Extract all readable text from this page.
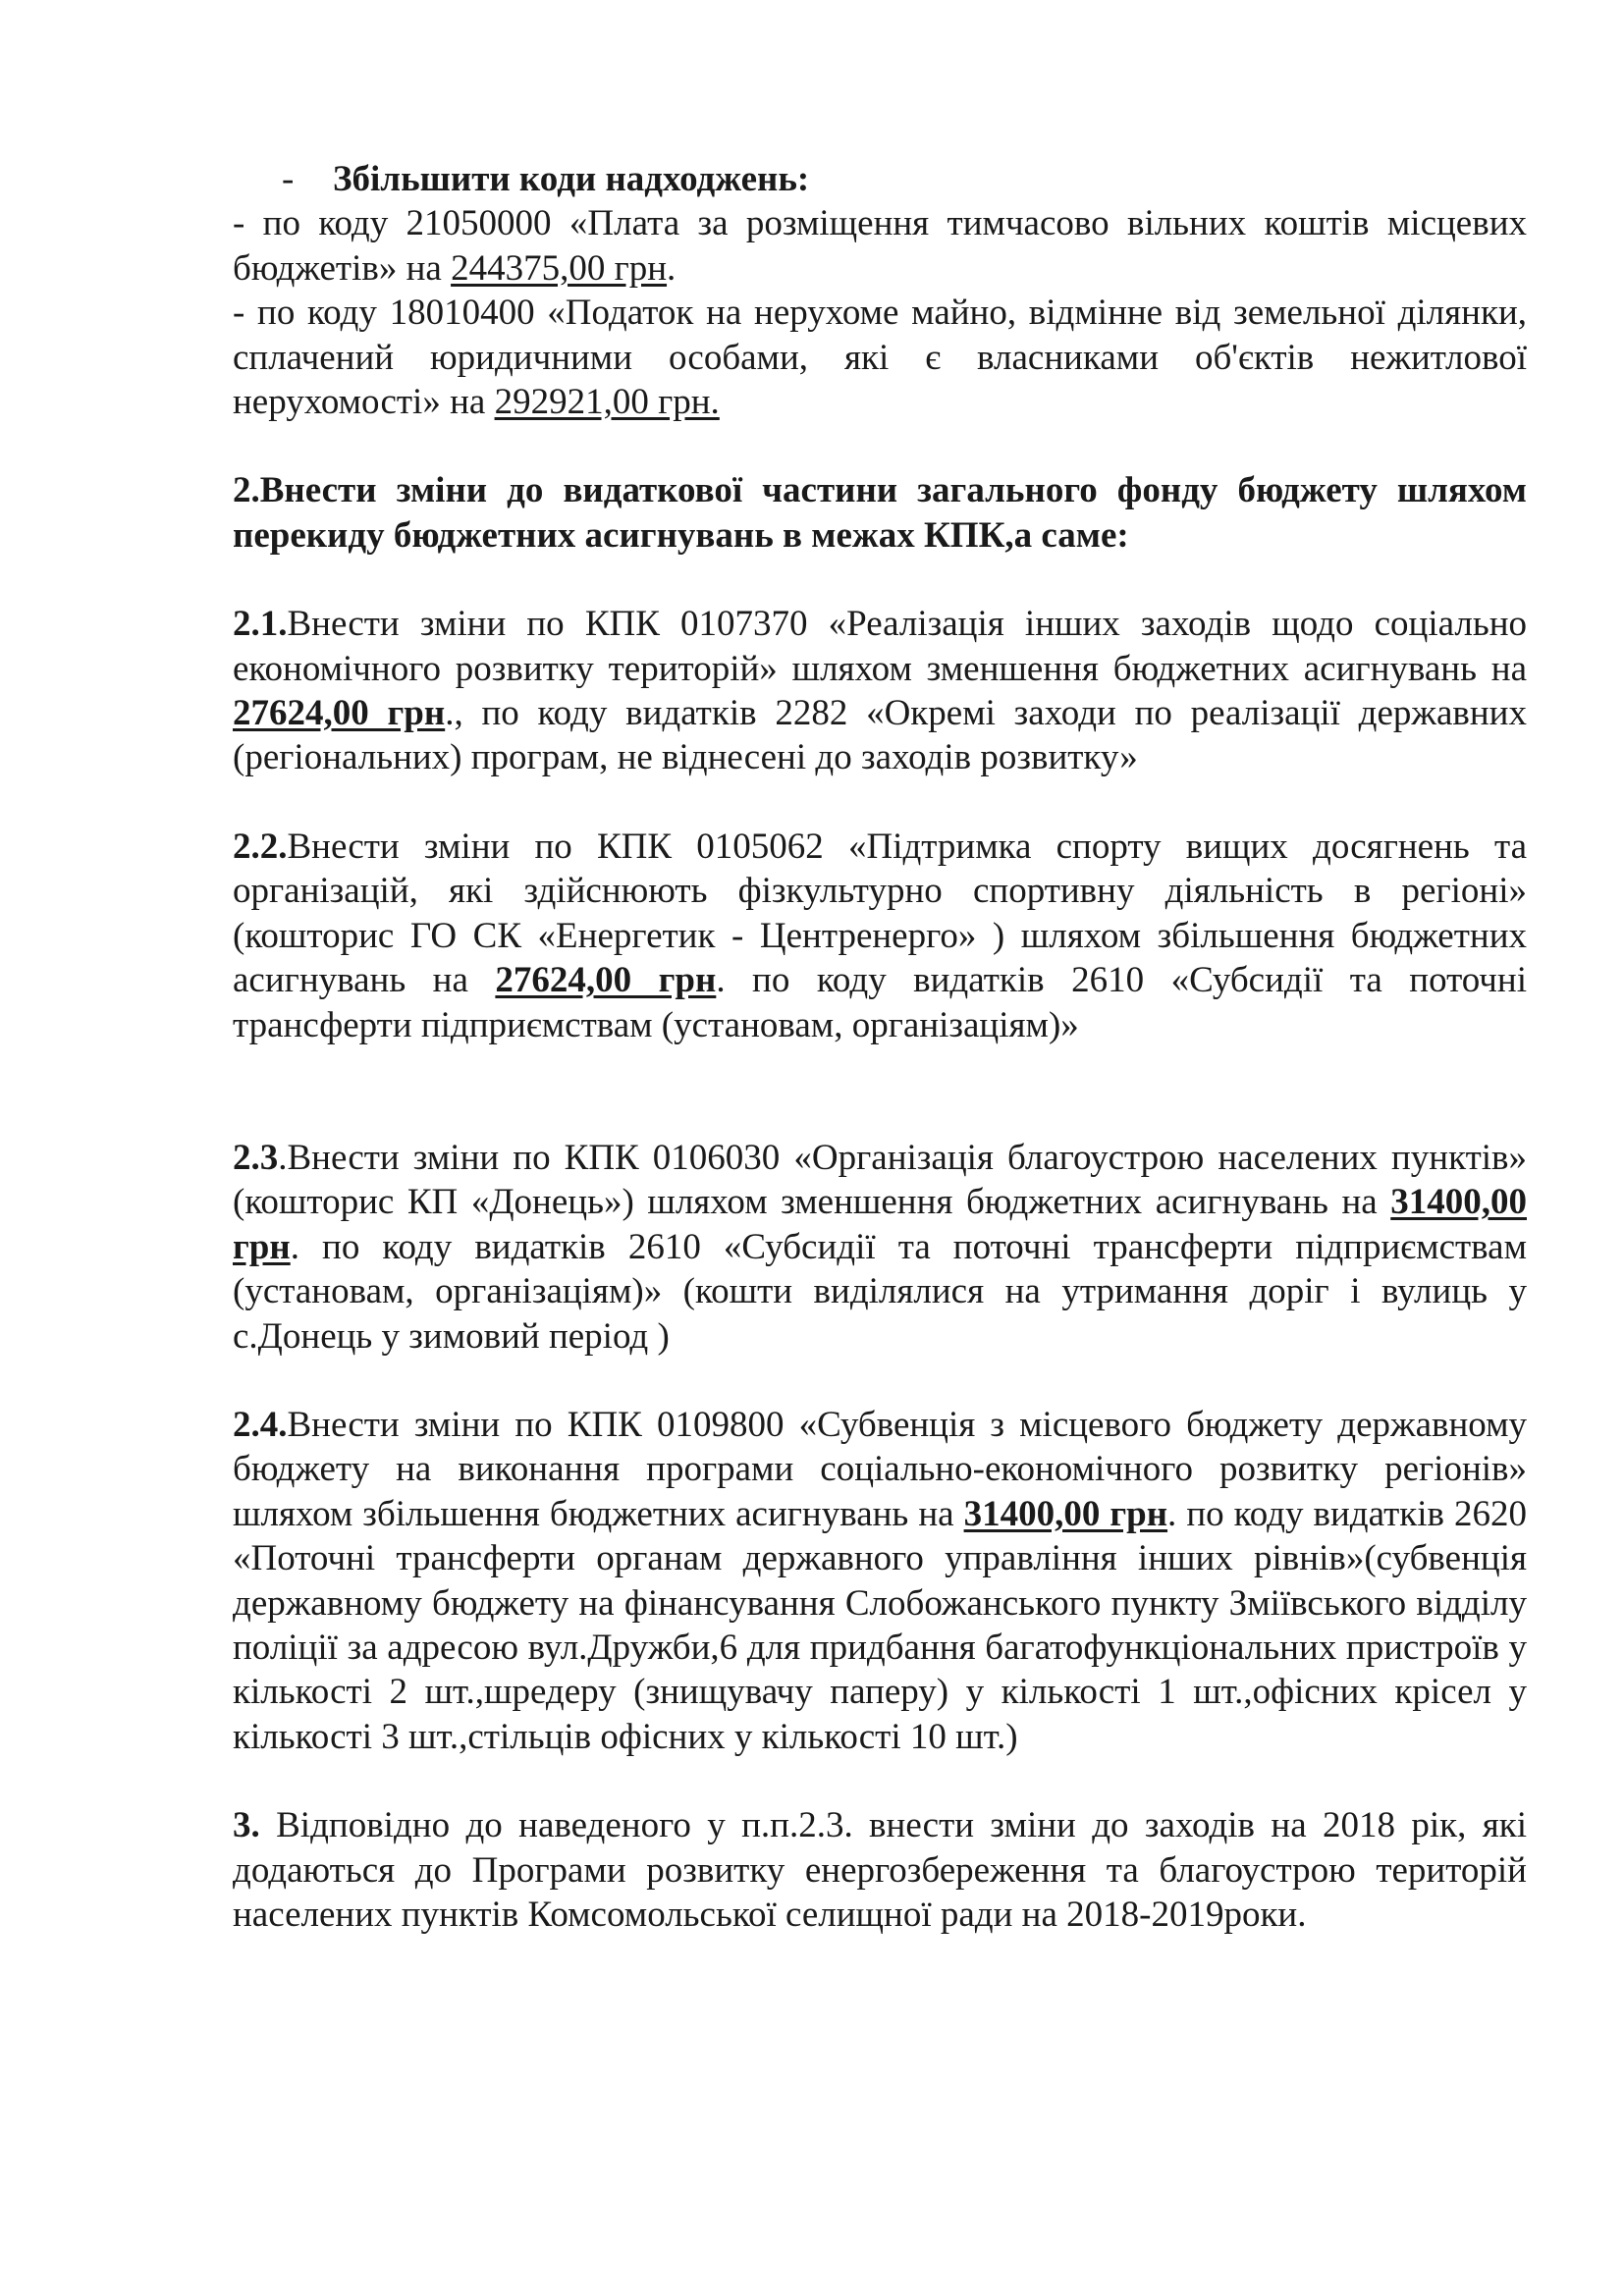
- Збільшити коди надходжень:

- по коду 21050000 «Плата за розміщення тимчасово вільних коштів місцевих бюджетів» на 244375,00 грн.

- по коду 18010400 «Податок на нерухоме майно, відмінне від земельної ділянки, сплачений юридичними особами, які є власниками об'єктів нежитлової нерухомості» на 292921,00 грн.

2.Внести зміни до видаткової частини загального фонду бюджету шляхом перекиду бюджетних асигнувань в межах КПК,а саме:

2.1.Внести зміни по КПК 0107370 «Реалізація інших заходів щодо соціально економічного розвитку територій» шляхом зменшення бюджетних асигнувань на 27624,00 грн., по коду видатків 2282 «Окремі заходи по реалізації державних (регіональних) програм, не віднесені до заходів розвитку»

2.2.Внести зміни по КПК 0105062 «Підтримка спорту вищих досягнень та організацій, які здійснюють фізкультурно спортивну діяльність в регіоні» (кошторис ГО СК «Енергетик - Центренерго» ) шляхом збільшення бюджетних асигнувань на 27624,00 грн. по коду видатків 2610 «Субсидії та поточні трансферти підприємствам (установам, організаціям)»

2.3.Внести зміни по КПК 0106030 «Організація благоустрою населених пунктів» (кошторис КП «Донець») шляхом зменшення бюджетних асигнувань на 31400,00 грн. по коду видатків 2610 «Субсидії та поточні трансферти підприємствам (установам, організаціям)» (кошти виділялися на утримання доріг і вулиць у с.Донець у зимовий період )

2.4.Внести зміни по КПК 0109800 «Субвенція з місцевого бюджету державному бюджету на виконання програми соціально-економічного розвитку регіонів» шляхом збільшення бюджетних асигнувань на 31400,00 грн. по коду видатків 2620 «Поточні трансферти органам державного управління інших рівнів»(субвенція державному бюджету на фінансування Слобожанського пункту Зміївського відділу поліції за адресою вул.Дружби,6 для придбання багатофункціональних пристроїв у кількості 2 шт.,шредеру (знищувачу паперу) у кількості 1 шт.,офісних крісел у кількості 3 шт.,стільців офісних у кількості 10 шт.)

3. Відповідно до наведеного у п.п.2.3. внести зміни до заходів на 2018 рік, які додаються до Програми розвитку енергозбереження та благоустрою територій населених пунктів Комсомольської селищної ради на 2018-2019роки.
